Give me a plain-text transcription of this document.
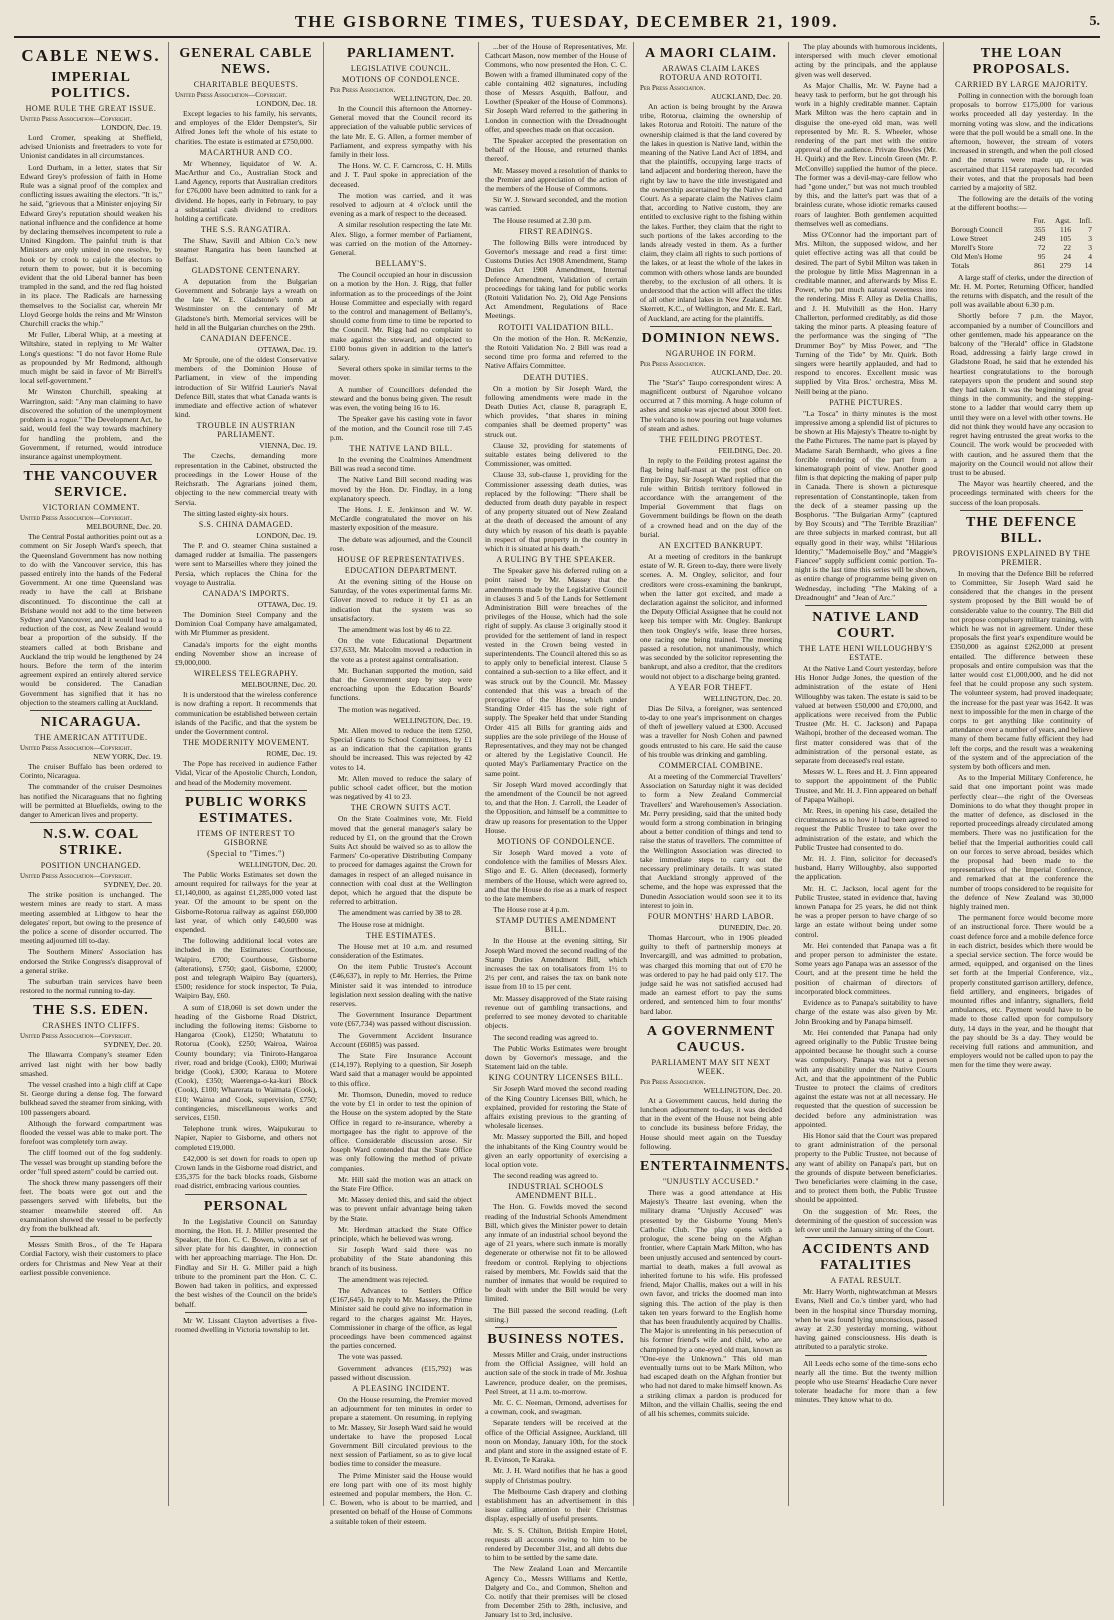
THE GISBORNE TIMES, TUESDAY, DECEMBER 21, 1909.	5.
CABLE NEWS.
IMPERIAL POLITICS.
HOME RULE THE GREAT ISSUE.
United Press Association—Copyright.
LONDON, Dec. 19.

Lord Cromer, speaking at Sheffield, advised Unionists and freetraders to vote for Unionist candidates in all circumstances.

Lord Durham, in a letter, states that Sir Edward Grey's profession of faith in Home Rule was a signal proof of the complex and conflicting issues awaiting the electors. "It is," he said, "grievous that a Minister enjoying Sir Edward Grey's reputation should weaken his national influence and the confidence at home by declaring themselves incompetent to rule a United Kingdom. The painful truth is that Ministers are only united in one resolve, by hook or by crook to cajole the electors to return them to power, but it is becoming evident that the old Liberal banner has been trampled in the sand, and the red flag hoisted in its place. The Radicals are harnessing themselves to the Socialist car, wherein Mr Lloyd George holds the reins and Mr Winston Churchill cracks the whip."

Mr Fuller, Liberal Whip, at a meeting at Wiltshire, stated in replying to Mr Walter Long's questions: "I do not favor Home Rule as propounded by Mr Redmond, although much might be said in favor of Mr Birrell's local self-government."

Mr Winston Churchill, speaking at Warrington, said: "Any man claiming to have discovered the solution of the unemployment problem is a rogue." The Development Act, he said, would feel the way towards machinery for handling the problem, and the Government, if returned, would introduce insurance against unemployment.

THE VANCOUVER SERVICE.
VICTORIAN COMMENT.
United Press Association—Copyright.
MELBOURNE, Dec. 20.

The Central Postal authorities point out as a comment on Sir Joseph Ward's speech, that the Queensland Government has now nothing to do with the Vancouver service, this has passed entirely into the hands of the Federal Government. At one time Queensland was ready to have the call at Brisbane discontinued. To discontinue the call at Brisbane would not add to the time between Sydney and Vancouver, and it would lead to a reduction of the cost, as New Zealand would bear a proportion of the subsidy. If the steamers called at both Brisbane and Auckland the trip would be lengthened by 24 hours. Before the term of the interim agreement expired an entirely altered service would be considered. The Canadian Government has signified that it has no objection to the steamers calling at Auckland.

NICARAGUA.
THE AMERICAN ATTITUDE.
United Press Association—Copyright.
NEW YORK, Dec. 19.

The cruiser Buffalo has been ordered to Corinto, Nicaragua.

The commander of the cruiser Desmoines has notified the Nicaraguans that no fighting will be permitted at Bluefields, owing to the danger to American lives and property.

N.S.W. COAL STRIKE.
POSITION UNCHANGED.
United Press Association—Copyright.
SYDNEY, Dec. 20.

The strike position is unchanged. The western mines are ready to start. A mass meeting assembled at Lithgow to hear the delegates' report, but owing to the presence of the police a scene of disorder occurred. The meeting adjourned till to-day.

The Southern Miners' Association has endorsed the Strike Congress's disapproval of a general strike.

The suburban train services have been restored to the normal running to-day.

THE S.S. EDEN.
CRASHES INTO CLIFFS.
United Press Association—Copyright.
SYDNEY, Dec. 20.

The Illawarra Company's steamer Eden arrived last night with her bow badly smashed.

The vessel crashed into a high cliff at Cape St. George during a dense fog. The forward bulkhead saved the steamer from sinking, with 100 passengers aboard.

Although the forward compartment was flooded the vessel was able to make port. The forefoot was completely torn away.

The cliff loomed out of the fog suddenly. The vessel was brought up standing before the order "full speed astern" could be carried out.

The shock threw many passengers off their feet. The boats were got out and the passengers served with lifebelts, but the steamer meanwhile steered off. An examination showed the vessel to be perfectly dry from the bulkhead aft.

Messrs Smith Bros., of the Te Hapara Cordial Factory, wish their customers to place orders for Christmas and New Year at their earliest possible convenience.

GENERAL CABLE NEWS.
CHARITABLE BEQUESTS.
United Press Association—Copyright.
LONDON, Dec. 18.

Except legacies to his family, his servants, and employes of the Elder Dempster's, Sir Alfred Jones left the whole of his estate to charities. The estate is estimated at £750,000.

MACARTHUR AND CO.

Mr Whenney, liquidator of W. A. MacArthur and Co., Australian Stock and Land Agency, reports that Australian creditors for £76,000 have been admitted to rank for a dividend. He hopes, early in February, to pay a substantial cash dividend to creditors holding a certificate.

THE S.S. RANGATIRA.

The Shaw, Savill and Albion Co.'s new steamer Rangatira has been launched at Belfast.

GLADSTONE CENTENARY.

A deputation from the Bulgarian Government and Sobranje lays a wreath on the late W. E. Gladstone's tomb at Westminster on the centenary of Mr Gladstone's birth. Memorial services will be held in all the Bulgarian churches on the 29th.

CANADIAN DEFENCE.
OTTAWA, Dec. 19.

Mr Sproule, one of the oldest Conservative members of the Dominion House of Parliament, in view of the impending introduction of Sir Wilfrid Laurier's Naval Defence Bill, states that what Canada wants is immediate and effective action of whatever kind.

TROUBLE IN AUSTRIAN PARLIAMENT.
VIENNA, Dec. 19.

The Czechs, demanding more representation in the Cabinet, obstructed the proceedings in the Lower House of the Reichsrath. The Agrarians joined them, objecting to the new commercial treaty with Servia.

The sitting lasted eighty-six hours.

S.S. CHINA DAMAGED.
LONDON, Dec. 19.

The P. and O. steamer China sustained a damaged rudder at Ismailia. The passengers were sent to Marseilles where they joined the Persia, which replaces the China for the voyage to Australia.

CANADA'S IMPORTS.
OTTAWA, Dec. 19.

The Dominion Steel Company and the Dominion Coal Company have amalgamated, with Mr Plummer as president.

Canada's imports for the eight months ending November show an increase of £9,000,000.

WIRELESS TELEGRAPHY.
MELBOURNE, Dec. 20.

It is understood that the wireless conference is now drafting a report. It recommends that communication be established between certain islands of the Pacific, and that the system be under the Government control.

THE MODERNITY MOVEMENT.
ROME, Dec. 19.

The Pope has received in audience Father Vidal, Vicar of the Apostolic Church, London, and head of the Modernity movement.

PUBLIC WORKS ESTIMATES.
ITEMS OF INTEREST TO GISBORNE
(Special to "Times.")
WELLINGTON, Dec. 20.

The Public Works Estimates set down the amount required for railways for the year at £1,140,000, as against £1,285,000 voted last year. Of the amount to be spent on the Gisborne-Rotorua railway as against £60,000 last year, of which only £40,600 was expended.

The following additional local votes are included in the Estimates: Courthouse, Waipiro, £700; Courthouse, Gisborne (alterations), £750; gaol, Gisborne, £2000; post and telegraph Waipiro Bay (quarters), £500; residence for stock inspector, Te Puia, Waipiro Bay, £60.

A sum of £18,060 is set down under the heading of the Gisborne Road District, including the following items: Gisborne to Hangaroa (Cook), £1250; Whatatutu to Rotorua (Cook), £250; Wairoa, Wairoa County boundary; via Tiniroto-Hangaroa river, road and bridge (Cook), £300; Muriwai bridge (Cook), £300; Karaua to Motere (Cook), £350; Waerenga-o-ka-kuri Block (Cook), £100; Wharerata to Waimata (Cook), £10; Wairoa and Cook, supervision, £750; contingencies, miscellaneous works and services, £150.

Telephone trunk wires, Waipukurau to Napier, Napier to Gisborne, and others not completed £19,000.

£42,000 is set down for roads to open up Crown lands in the Gisborne road district, and £35,375 for the back blocks roads, Gisborne road district, embracing various counties.

PERSONAL

In the Legislative Council on Saturday morning, the Hon. H. J. Miller presented the Speaker, the Hon. C. C. Bowen, with a set of silver plate for his daughter, in connection with her approaching marriage. The Hon. Dr. Findlay and Sir H. G. Miller paid a high tribute to the prominent part the Hon. C. C. Bowen had taken in politics, and expressed the best wishes of the Council on the bride's behalf.

Mr W. Lissant Clayton advertises a five-roomed dwelling in Victoria township to let.

PARLIAMENT.
LEGISLATIVE COUNCIL.
MOTIONS OF CONDOLENCE.
Per Press Association.
WELLINGTON, Dec. 20.

In the Council this afternoon the Attorney-General moved that the Council record its appreciation of the valuable public services of the late Mr. E. G. Allen, a former member of Parliament, and express sympathy with his family in their loss.

The Hons. W. C. F. Carncross, C. H. Mills and J. T. Paul spoke in appreciation of the deceased.

The motion was carried, and it was resolved to adjourn at 4 o'clock until the evening as a mark of respect to the deceased.

A similar resolution respecting the late Mr. Alex. Sligo, a former member of Parliament, was carried on the motion of the Attorney-General.

BELLAMY'S.

The Council occupied an hour in discussion on a motion by the Hon. J. Rigg, that fuller information as to the proceedings of the Joint House Committee and especially with regard to the control and management of Bellamy's, should come from time to time be reported to the Council. Mr. Rigg had no complaint to make against the steward, and objected to £100 bonus given in addition to the latter's salary.

Several others spoke in similar terms to the mover.

A number of Councillors defended the steward and the bonus being given. The result was even, the voting being 16 to 16.

The Speaker gave his casting vote in favor of the motion, and the Council rose till 7.45 p.m.

THE NATIVE LAND BILL.

In the evening the Coalmines Amendment Bill was read a second time.

The Native Land Bill second reading was moved by the Hon. Dr. Findlay, in a long explanatory speech.

The Hons. J. E. Jenkinson and W. W. McCardle congratulated the mover on his masterly exposition of the measure.

The debate was adjourned, and the Council rose.

HOUSE OF REPRESENTATIVES.
EDUCATION DEPARTMENT.

At the evening sitting of the House on Saturday, of the votes experimental farms Mr. Glover moved to reduce it by £1 as an indication that the system was so unsatisfactory.

The amendment was lost by 46 to 22.

On the vote Educational Department £37,633, Mr. Malcolm moved a reduction in the vote as a protest against centralisation.

Mr. Buchanan supported the motion, said that the Government step by step were encroaching upon the Education Boards' functions.

The motion was negatived.

WELLINGTON, Dec. 19.

Mr. Allen moved to reduce the item £250, Special Grants to School Committees, by £1 as an indication that the capitation grants should be increased. This was rejected by 42 votes to 14.

Mr. Allen moved to reduce the salary of public school cadet officer, but the motion was negatived by 41 to 23.

THE CROWN SUITS ACT.

On the State Coalmines vote, Mr. Field moved that the general manager's salary be reduced by £1, on the ground that the Crown Suits Act should be waived so as to allow the Farmers' Co-operative Distributing Company to proceed for damages against the Crown for damages in respect of an alleged nuisance in connection with coal dust at the Wellington depot, which he argued that the dispute be referred to arbitration.

The amendment was carried by 38 to 28.

The House rose at midnight.

THE ESTIMATES.

The House met at 10 a.m. and resumed consideration of the Estimates.

On the item Public Trustee's Account (£46,637), in reply to Mr. Herries, the Prime Minister said it was intended to introduce legislation next session dealing with the native reserves.

The Government Insurance Department vote (£67,734) was passed without discussion.

The Government Accident Insurance Account (£6085) was passed.

The State Fire Insurance Account (£14,197). Replying to a question, Sir Joseph Ward said that a manager would be appointed to this office.

Mr. Thomson, Dunedin, moved to reduce the vote by £1 in order to test the opinion of the House on the system adopted by the State Office in regard to re-insurance, whereby a mortgagee has the right to approve of the office. Considerable discussion arose. Sir Joseph Ward contended that the State Office was only following the method of private companies.

Mr. Hill said the motion was an attack on the State Fire Office.

Mr. Massey denied this, and said the object was to prevent unfair advantage being taken by the State.

Mr. Herdman attacked the State Office principle, which he believed was wrong.

Sir Joseph Ward said there was no probability of the State abandoning this branch of its business.

The amendment was rejected.

The Advances to Settlers Office (£167,645). In reply to Mr. Massey, the Prime Minister said he could give no information in regard to the charges against Mr. Hayes, Commissioner in charge of the office, as legal proceedings have been commenced against the parties concerned.

The vote was passed.

Government advances (£15,792) was passed without discussion.

A PLEASING INCIDENT.

On the House resuming, the Premier moved an adjournment for ten minutes in order to prepare a statement. On resuming, in replying to Mr. Massey, Sir Joseph Ward said he would undertake to have the proposed Local Government Bill circulated previous to the next session of Parliament, so as to give local bodies time to consider the measure.

The Prime Minister said the House would ere long part with one of its most highly esteemed and popular members, the Hon. C. C. Bowen, who is about to be married, and presented on behalf of the House of Commons a suitable token of their esteem.

...ber of the House of Representatives, Mr. Cathcart Mason, now member of the House of Commons, who now presented the Hon. C. C. Bowen with a framed illuminated copy of the cable containing 402 signatures, including those of Messrs Asquith, Balfour, and Lowther (Speaker of the House of Commons). Sir Joseph Ward referred to the gathering in London in connection with the Dreadnought offer, and speeches made on that occasion.

The Speaker accepted the presentation on behalf of the House, and returned thanks thereof.

Mr. Massey moved a resolution of thanks to the Premier and appreciation of the action of the members of the House of Commons.

Sir W. J. Steward seconded, and the motion was carried.

The House resumed at 2.30 p.m.

FIRST READINGS.

The following Bills were introduced by Governor's message and read a first time: Customs Duties Act 1908 Amendment, Stamp Duties Act 1908 Amendment, Internal Defence Amendment, Validation of certain proceedings for taking land for public works (Rotoiti Validation No. 2), Old Age Pensions Act Amendment, Regulations of Race Meetings.

ROTOITI VALIDATION BILL.

On the motion of the Hon. R. McKenzie, the Rotoiti Validation No. 2 Bill was read a second time pro forma and referred to the Native Affairs Committee.

DEATH DUTIES.

On a motion by Sir Joseph Ward, the following amendments were made in the Death Duties Act, clause 8, paragraph E, which provides, "that shares in mining companies shall be deemed property" was struck out.

Clause 32, providing for statements of suitable estates being delivered to the Commissioner, was omitted.

Clause 33, sub-clause 1, providing for the Commissioner assessing death duties, was replaced by the following: "There shall be deducted from death duty payable in respect of any property situated out of New Zealand at the death of deceased the amount of any duty which by reason of his death is payable in respect of that property in the country in which it is situated at his death."

A RULING BY THE SPEAKER.

The Speaker gave his deferred ruling on a point raised by Mr. Massey that the amendments made by the Legislative Council in clauses 3 and 5 of the Lands for Settlement Administration Bill were breaches of the privileges of the House, which had the sole right of supply. As clause 3 originally stood it provided for the settlement of land in respect vested in the Crown being vested in superintendents. The Council altered this so as to apply only to beneficial interest. Clause 5 contained a sub-section to a like effect, and it was struck out by the Council. Mr. Massey contended that this was a breach of the prerogative of the House, which under Standing Order 415 has the sole right of supply. The Speaker held that under Standing Order 415 all Bills for granting aids and supplies are the sole privilege of the House of Representatives, and they may not be changed or altered by the Legislative Council. He quoted May's Parliamentary Practice on the same point.

Sir Joseph Ward moved accordingly that the amendment of the Council be not agreed to, and that the Hon. J. Carroll, the Leader of the Opposition, and himself be a committee to draw up reasons for presentation to the Upper House.

MOTIONS OF CONDOLENCE.

Sir Joseph Ward moved a vote of condolence with the families of Messrs Alex. Sligo and E. G. Allen (deceased), formerly members of the House, which were agreed to, and that the House do rise as a mark of respect to the late members.

The House rose at 4 p.m.

STAMP DUTIES AMENDMENT BILL.

In the House at the evening sitting, Sir Joseph Ward moved the second reading of the Stamp Duties Amendment Bill, which increases the tax on totalisators from 1½ to 2½ per cent, and raises the tax on bank note issue from 10 to 15 per cent.

Mr. Massey disapproved of the State raising revenue out of gambling transactions, and preferred to see money devoted to charitable objects.

The second reading was agreed to.

The Public Works Estimates were brought down by Governor's message, and the Statement laid on the table.

KING COUNTRY LICENSES BILL.

Sir Joseph Ward moved the second reading of the King Country Licenses Bill, which, he explained, provided for restoring the State of affairs existing previous to the granting of wholesale licenses.

Mr. Massey supported the Bill, and hoped the inhabitants of the King Country would be given an early opportunity of exercising a local option vote.

The second reading was agreed to.

INDUSTRIAL SCHOOLS AMENDMENT BILL.

The Hon. G. Fowlds moved the second reading of the Industrial Schools Amendment Bill, which gives the Minister power to detain any inmate of an industrial school beyond the age of 21 years, where such inmate is morally degenerate or otherwise not fit to be allowed freedom or control. Replying to objections raised by members, Mr. Fowlds said that the number of inmates that would be required to be dealt with under the Bill would be very limited.

The Bill passed the second reading. (Left sitting.)

BUSINESS NOTES.

Messrs Miller and Craig, under instructions from the Official Assignee, will hold an auction sale of the stock in trade of Mr. Joshua Lawrence, produce dealer, on the premises, Peel Street, at 11 a.m. to-morrow.

Mr. C. C. Neeman, Ormond, advertises for a cowman, cook, and swagman.

Separate tenders will be received at the office of the Official Assignee, Auckland, till noon on Monday, January 10th, for the stock and plant and store in the assigned estate of F. R. Evinson, Te Karaka.

Mr. J. H. Ward notifies that he has a good supply of Christmas poultry.

The Melbourne Cash drapery and clothing establishment has an advertisement in this issue calling attention to their Christmas display, especially of useful presents.

Mr. S. S. Chilton, British Empire Hotel, requests all accounts owing to him to be rendered by December 31st, and all debts due to him to be settled by the same date.

The New Zealand Loan and Mercantile Agency Co., Messrs Williams and Kettle, Dalgety and Co., and Common, Shelton and Co. notify that their premises will be closed from December 25th to 28th, inclusive, and January 1st to 3rd, inclusive.

A MAORI CLAIM.
ARAWAS CLAIM LAKES ROTORUA AND ROTOITI.
Per Press Association.
AUCKLAND, Dec. 20.

An action is being brought by the Arawa tribe, Rotorua, claiming the ownership of lakes Rotorua and Rotoiti. The nature of the ownership claimed is that the land covered by the lakes in question is Native land, within the meaning of the Native Land Act of 1894, and that the plaintiffs, occupying large tracts of land adjacent and bordering thereon, have the right by law to have the title investigated and the ownership ascertained by the Native Land Court. As a separate claim the Natives claim that, according to Native custom, they are entitled to exclusive right to the fishing within the lakes. Further, they claim that the right to such portions of the lakes according to the lands already vested in them. As a further claim, they claim all rights to such portions of the lakes, or at least the whole of the lakes in common with others whose lands are bounded thereby, to the exclusion of all others. It is understood that the action will affect the titles of all other inland lakes in New Zealand. Mr. Skerrett, K.C., of Wellington, and Mr. E. Earl, of Auckland, are acting for the plaintiffs.

DOMINION NEWS.
NGARUHOE IN FORM.
Per Press Association.
AUCKLAND, Dec. 20.

The "Star's" Taupo correspondent wires: A magnificent outburst of Ngaruhoe volcano occurred at 7 this morning. A huge column of ashes and smoke was ejected about 3000 feet. The volcano is now pouring out huge volumes of steam and ashes.

THE FEILDING PROTEST.
FEILDING, Dec. 20.

In reply to the Feilding protest against the flag being half-mast at the post office on Empire Day, Sir Joseph Ward replied that the rule within British territory followed in accordance with the arrangement of the Imperial Government that flags on Government buildings be flown on the death of a crowned head and on the day of the burial.

AN EXCITED BANKRUPT.

At a meeting of creditors in the bankrupt estate of W. R. Green to-day, there were lively scenes. A. M. Ongley, solicitor, and four creditors were cross-examining the bankrupt, when the latter got excited, and made a declaration against the solicitor, and informed the Deputy Official Assignee that he could not keep his temper with Mr. Ongley. Bankrupt then took Ongley's wife, lease three horses, one racing one being trained. The meeting passed a resolution, not unanimously, which was seconded by the solicitor representing the bankrupt, and also a creditor, that the creditors would not object to a discharge being granted.

A YEAR FOR THEFT.
WELLINGTON, Dec. 20.

Dias De Silva, a foreigner, was sentenced to-day to one year's imprisonment on charges of theft of jewellery valued at £300. Accused was a traveller for Nosh Cohen and pawned goods entrusted to his care. He said the cause of his trouble was drinking and gambling.

COMMERCIAL COMBINE.

At a meeting of the Commercial Travellers' Association on Saturday night it was decided to form a New Zealand Commercial Travellers' and Warehousemen's Association. Mr. Perry presiding, said that the united body would form a strong combination in bringing about a better condition of things and tend to raise the status of travellers. The committee of the Wellington Association was directed to take immediate steps to carry out the necessary preliminary details. It was stated that Auckland strongly approved of the scheme, and the hope was expressed that the Dunedin Association would soon see it to its interest to join in.

FOUR MONTHS' HARD LABOR.
DUNEDIN, Dec. 20.

Thomas Harcourt, who in 1906 pleaded guilty to theft of partnership moneys at Invercargill, and was admitted to probation, was charged this morning that out of £70 he was ordered to pay he had paid only £17. The judge said he was not satisfied accused had made an earnest effort to pay the sums ordered, and sentenced him to four months' hard labor.

A GOVERNMENT CAUCUS.
PARLIAMENT MAY SIT NEXT WEEK.
Per Press Association.
WELLINGTON, Dec. 20.

At a Government caucus, held during the luncheon adjournment to-day, it was decided that in the event of the House not being able to conclude its business before Friday, the House should meet again on the Tuesday following.

ENTERTAINMENTS.
"UNJUSTLY ACCUSED."

There was a good attendance at His Majesty's Theatre last evening, when the military drama "Unjustly Accused" was presented by the Gisborne Young Men's Catholic Club. The play opens with a prologue, the scene being on the Afghan frontier, where Captain Mark Milton, who has been unjustly accused and sentenced by court-martial to death, makes a full avowal as inherited fortune to his wife. His professed friend, Major Challis, makes out a will in his own favor, and tricks the doomed man into signing this. The action of the play is then taken ten years forward to the English home that has been fraudulently acquired by Challis. The Major is unrelenting in his persecution of his former friend's wife and child, who are championed by a one-eyed old man, known as "One-eye the Unknown." This old man eventually turns out to be Mark Milton, who had escaped death on the Afghan frontier but who had not dared to make himself known. As a striking climax a pardon is produced for Milton, and the villain Challis, seeing the end of all his schemes, commits suicide.

The play abounds with humorous incidents, interspersed with much clever emotional acting by the principals, and the applause given was well deserved.

As Major Challis, Mr. W. Payne had a heavy task to perform, but he got through his work in a highly creditable manner. Captain Mark Milton was the hero captain and in disguise the one-eyed old man, was well represented by Mr. R. S. Wheeler, whose rendering of the part met with the entire approval of the audience. Private Bowles (Mr. H. Quirk) and the Rev. Lincoln Green (Mr. P. McConville) supplied the humor of the piece. The former was a devil-may-care fellow who had "gone under," but was not much troubled by this, and the latter's part was that of a brainless curate, whose idiotic remarks caused roars of laughter. Both gentlemen acquitted themselves well as comedians.

Miss O'Connor had the important part of Mrs. Milton, the supposed widow, and her quiet effective acting was all that could be desired. The part of Sybil Milton was taken in the prologue by little Miss Magrennan in a creditable manner, and afterwards by Miss E. Power, who put much natural sweetness into the rendering. Miss F. Alley as Delia Challis, and J. H. Mulvihill as the Hon. Harry Challerton, performed creditably, as did those taking the minor parts. A pleasing feature of the performance was the singing of "The Drummer Boy" by Miss Power, and "The Turning of the Tide" by Mr. Quirk. Both singers were heartily applauded, and had to respond to encores. Excellent music was supplied by Vita Bros.' orchestra, Miss M. Neill being at the piano.

PATHE PICTURES.

"La Tosca" in thirty minutes is the most impressive among a splendid list of pictures to be shown at His Majesty's Theatre to-night by the Pathe Pictures. The name part is played by Madame Sarah Bernhardt, who gives a fine forcible rendering of the part from a kinematograph point of view. Another good film is that depicting the making of paper pulp in Canada. There is shown a picturesque representation of Constantinople, taken from the deck of a steamer passing up the Bosphorus. "The Bulgarian Army" (captured by Boy Scouts) and "The Terrible Brazilian" are three subjects in marked contrast, but all equally good in their way, whilst "Hilarious Identity," "Mademoiselle Boy," and "Maggie's Fiancee" supply sufficient comic portion. To-night is the last time this series will be shown, as entire change of programme being given on Wednesday, including "The Making of a Dreadnought" and "Jean of Arc."

NATIVE LAND COURT.
THE LATE HENI WILLOUGHBY'S ESTATE.

At the Native Land Court yesterday, before His Honor Judge Jones, the question of the administration of the estate of Heni Willoughby was taken. The estate is said to be valued at between £50,000 and £70,000, and applications were received from the Public Trustee (Mr. H. C. Jackson) and Papapa Waihopi, brother of the deceased woman. The first matter considered was that of the administration of the personal estate, as separate from deceased's real estate.

Messrs W. L. Rees and H. J. Finn appeared to support the appointment of the Public Trustee, and Mr. H. J. Finn appeared on behalf of Papapa Waihopi.

Mr. Rees, in opening his case, detailed the circumstances as to how it had been agreed to request the Public Trustee to take over the administration of the estate, and which the Public Trustee had consented to do.

Mr. H. J. Finn, solicitor for deceased's husband, Harry Willoughby, also supported the application.

Mr. H. C. Jackson, local agent for the Public Trustee, stated in evidence that, having known Panapa for 25 years, he did not think he was a proper person to have charge of so large an estate without being under some control.

Mr. Hei contended that Panapa was a fit and proper person to administer the estate. Some years ago Panapa was an assessor of the Court, and at the present time he held the position of chairman of directors of incorporated block committees.

Evidence as to Panapa's suitability to have charge of the estate was also given by Mr. John Brooking and by Panapa himself.

Mr. Hei contended that Panapa had only agreed originally to the Public Trustee being appointed because he thought such a course was compulsory. Panapa was not a person with any disability under the Native Courts Act, and that the appointment of the Public Trustee to protect the claims of creditors against the estate was not at all necessary. He requested that the question of succession be decided before any administration was appointed.

His Honor said that the Court was prepared to grant administration of the personal property to the Public Trustee, not because of any want of ability on Panapa's part, but on the grounds of dispute between beneficiaries. Two beneficiaries were claiming in the case, and to protect them both, the Public Trustee should be appointed.

On the suggestion of Mr. Rees, the determining of the question of succession was left over until the January sitting of the Court.

ACCIDENTS AND FATALITIES
A FATAL RESULT.

Mr. Harry Worth, nightwatchman at Messrs Evans, Niell and Co.'s timber yard, who had been in the hospital since Thursday morning, when he was found lying unconscious, passed away at 2.30 yesterday morning, without having gained consciousness. His death is attributed to a paralytic stroke.

All Leeds echo some of the time-sons echo nearly all the time. But the twenty million people who use Stearns' Headache Cure never tolerate headache for more than a few minutes. They know what to do.

THE LOAN PROPOSALS.
CARRIED BY LARGE MAJORITY.

Polling in connection with the borough loan proposals to borrow £175,000 for various works proceeded all day yesterday. In the morning voting was slow, and the indications were that the poll would be a small one. In the afternoon, however, the stream of voters increased in strength, and when the poll closed and the returns were made up, it was ascertained that 1154 ratepayers had recorded their votes, and that the proposals had been carried by a majority of 582.

The following are the details of the voting at the different booths:—

	For.	Agst.	Infl.
Borough Council	355	116	7
Lowe Street	249	105	3
Morell's Store	72	22	3
Old Men's Home	95	24	4
Totals	861	279	14

A large staff of clerks, under the direction of Mr. H. M. Porter, Returning Officer, handled the returns with dispatch, and the result of the poll was available about 6.30 p.m.

Shortly before 7 p.m. the Mayor, accompanied by a number of Councillors and other gentlemen, made his appearance on the balcony of the "Herald" office in Gladstone Road, addressing a fairly large crowd in Gladstone Road, he said that he extended his heartiest congratulations to the borough ratepayers upon the prudent and sound step they had taken. It was the beginning of great things in the community, and the stepping-stone to a ladder that would carry them up until they were on a level with other towns. He did not think they would have any occasion to regret having entrusted the great works to the Council. The work would be proceeded with with caution, and he assured them that the majority on the Council would not allow their trust to be abused.

The Mayor was heartily cheered, and the proceedings terminated with cheers for the success of the loan proposals.

THE DEFENCE BILL.
PROVISIONS EXPLAINED BY THE PREMIER.

In moving that the Defence Bill be referred to Committee, Sir Joseph Ward said he considered that the changes in the present system proposed by the Bill would be of considerable value to the country. The Bill did not propose compulsory military training, with which he was not in agreement. Under these proposals the first year's expenditure would be £350,000 as against £262,000 at present entailed. The difference between these proposals and entire compulsion was that the latter would cost £1,000,000, and he did not feel that he could propose any such system. The volunteer system, had proved inadequate; the increase for the past year was 1642. It was next to impossible for the men in charge of the corps to get anything like continuity of attendance over a number of years, and believe many of them became fully efficient they had left the corps, and the result was a weakening of the system and of the appreciation of the system by both officers and men.

As to the Imperial Military Conference, he said that one important point was made perfectly clear—the right of the Overseas Dominions to do what they thought proper in the matter of defence, as disclosed in the reported proceedings already circulated among members. There was no justification for the belief that the Imperial authorities could call on our forces to serve abroad, besides which the proposal had been made to the representatives of the Imperial Conference, and remarked that at the conference the number of troops considered to be requisite for the defence of New Zealand was 30,000 highly trained men.

The permanent force would become more of an instructional force. There would be a coast defence force and a mobile defence force in each district, besides which there would be a special service section. The force would be armed, equipped, and organised on the lines set forth at the Imperial Conference, viz., properly constituted garrison artillery, defence, field artillery, and engineers, brigades of mounted rifles and infantry, signallers, field ambulances, etc. Payment would have to be made to those called upon for compulsory duty, 14 days in the year, and he thought that the pay should be 3s a day. They would be receiving full rations and ammunition, and employers would not be called upon to pay the men for the time they were away.
